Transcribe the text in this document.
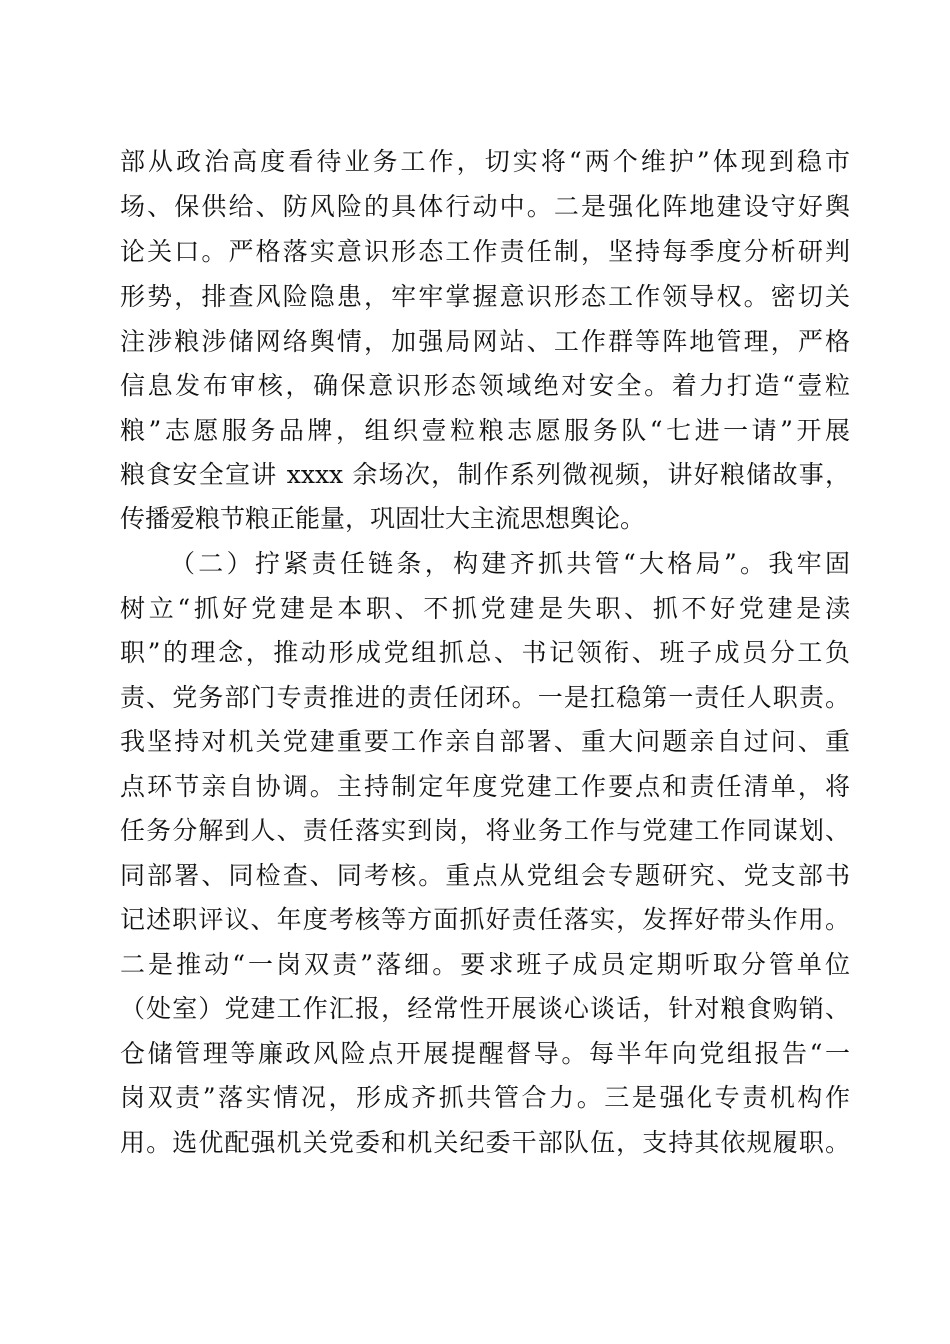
部从政治高度看待业务工作，切实将“两个维护”体现到稳市
场、保供给、防风险的具体行动中。二是强化阵地建设守好舆
论关口。严格落实意识形态工作责任制，坚持每季度分析研判
形势，排查风险隐患，牢牢掌握意识形态工作领导权。密切关
注涉粮涉储网络舆情，加强局网站、工作群等阵地管理，严格
信息发布审核，确保意识形态领域绝对安全。着力打造“壹粒
粮”志愿服务品牌，组织壹粒粮志愿服务队“七进一请”开展
粮食安全宣讲 xxxx 余场次，制作系列微视频，讲好粮储故事，
传播爱粮节粮正能量，巩固壮大主流思想舆论。
（二）拧紧责任链条，构建齐抓共管“大格局”。我牢固
树立“抓好党建是本职、不抓党建是失职、抓不好党建是渎
职”的理念，推动形成党组抓总、书记领衔、班子成员分工负
责、党务部门专责推进的责任闭环。一是扛稳第一责任人职责。
我坚持对机关党建重要工作亲自部署、重大问题亲自过问、重
点环节亲自协调。主持制定年度党建工作要点和责任清单，将
任务分解到人、责任落实到岗，将业务工作与党建工作同谋划、
同部署、同检查、同考核。重点从党组会专题研究、党支部书
记述职评议、年度考核等方面抓好责任落实，发挥好带头作用。
二是推动“一岗双责”落细。要求班子成员定期听取分管单位
（处室）党建工作汇报，经常性开展谈心谈话，针对粮食购销、
仓储管理等廉政风险点开展提醒督导。每半年向党组报告“一
岗双责”落实情况，形成齐抓共管合力。三是强化专责机构作
用。选优配强机关党委和机关纪委干部队伍，支持其依规履职。
